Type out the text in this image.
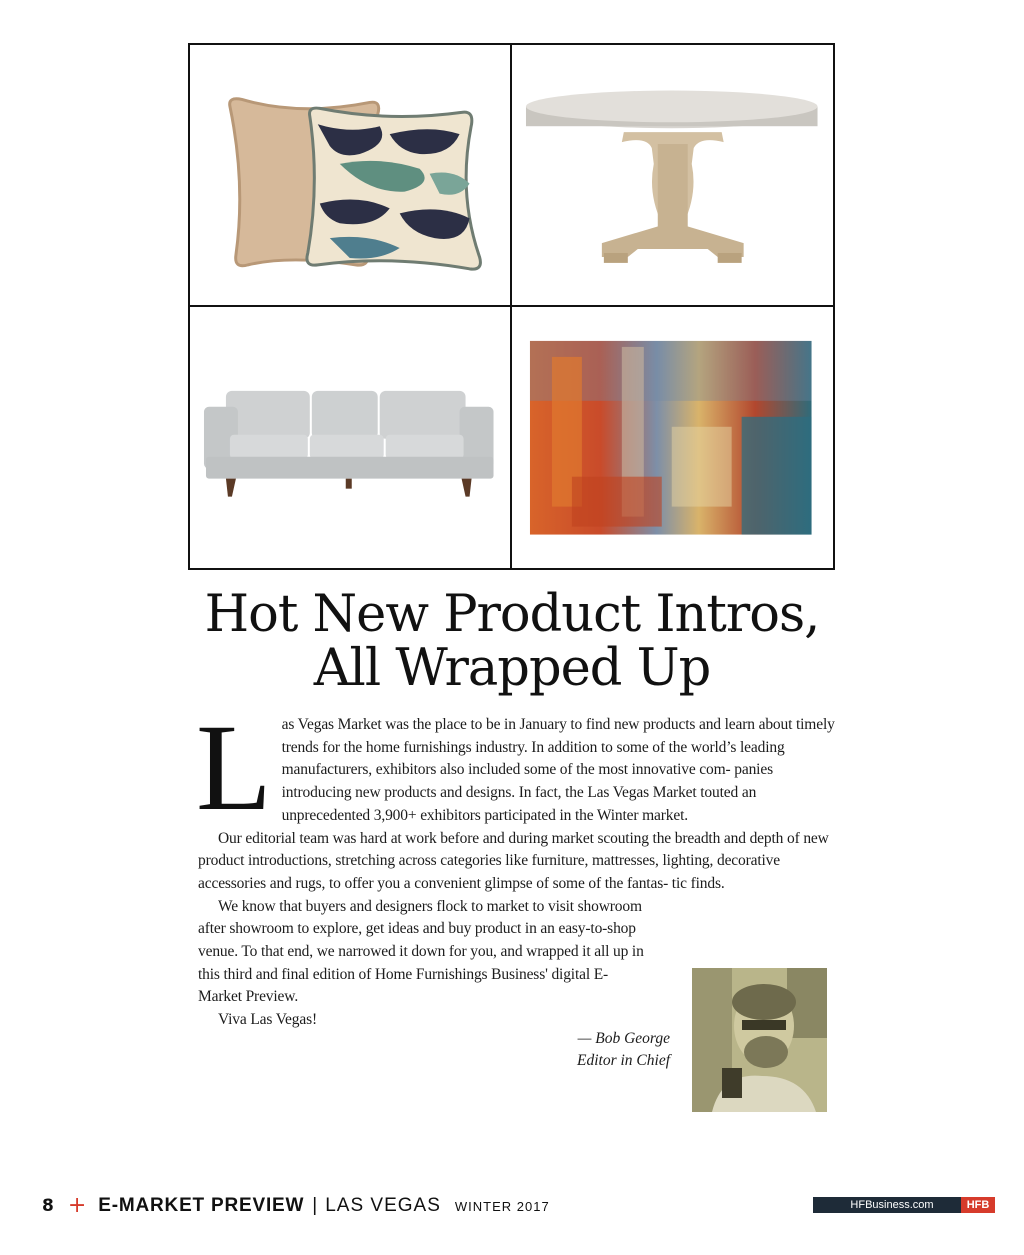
Hot New Product Intros,
All Wrapped Up

Las Vegas Market was the place to be in January to find new products and learn about timely trends for the home furnishings industry. In addition to some of the world’s leading manufacturers, exhibitors also included some of the most innovative com- panies introducing new products and designs. In fact, the Las Vegas Market touted an unprecedented 3,900+ exhibitors participated in the Winter market.

Our editorial team was hard at work before and during market scouting the breadth and depth of new product introductions, stretching across categories like furniture, mattresses, lighting, decorative accessories and rugs, to offer you a convenient glimpse of some of the fantas- tic finds.

We know that buyers and designers flock to market to visit showroom after showroom to explore, get ideas and buy product in an easy-to-shop venue. To that end, we narrowed it down for you, and wrapped it all up in this third and final edition of Home Furnishings Business' digital E-Market Preview.

Viva Las Vegas!

— Bob George
Editor in Chief
8 + E-MARKET PREVIEW | LAS VEGAS WINTER 2017	HFBusiness.com	HFB
